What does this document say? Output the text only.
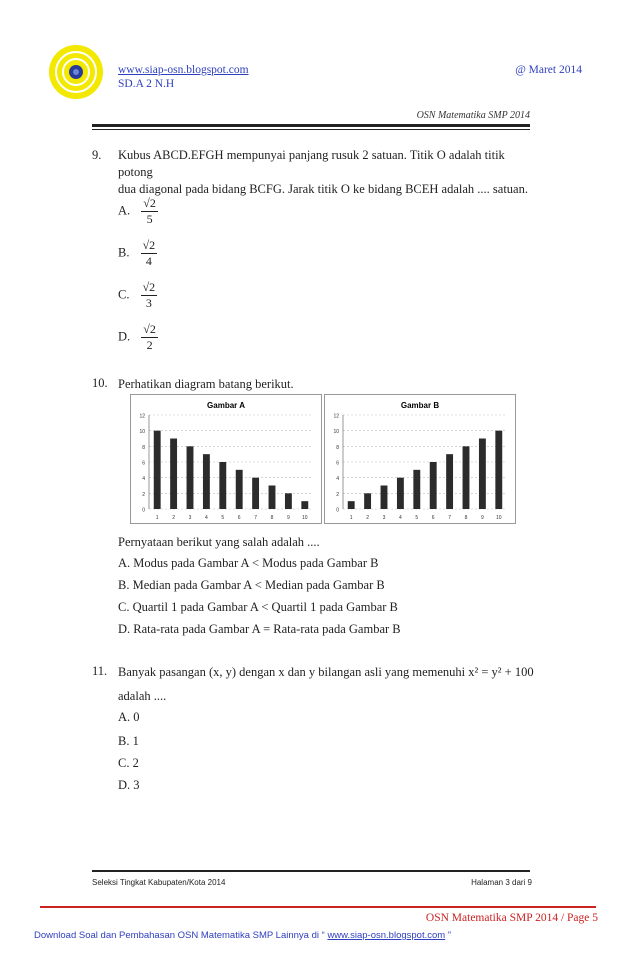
www.siap-osn.blogspot.com
SD.A 2 N.H
@ Maret 2014
OSN Matematika SMP 2014
9. Kubus ABCD.EFGH mempunyai panjang rusuk 2 satuan. Titik O adalah titik potong
dua diagonal pada bidang BCFG. Jarak titik O ke bidang BCEH adalah .... satuan.
A. $\frac{√2}{5}$
B. $\frac{√2}{4}$
C. $\frac{√2}{3}$
D. $\frac{√2}{2}$
10. Perhatikan diagram batang berikut.
Gambar A
0
2
4
6
8
10
12
1	2	3	4	5	6	7	8	9 10
Gambar B
0
2
4
6
8
10
12
1	2	3	4	5	6	7	8	9 10
Pernyataan berikut yang salah adalah ....
A. Modus pada Gambar A < Modus pada Gambar B
B. Median pada Gambar A < Median pada Gambar B
C. Quartil 1 pada Gambar A < Quartil 1 pada Gambar B
D. Rata-rata pada Gambar A = Rata-rata pada Gambar B
11. Banyak pasangan (x, y) dengan x dan y bilangan asli yang memenuhi x² = y² + 100
adalah ....
A. 0
B. 1
C. 2
D. 3
Seleksi Tingkat Kabupaten/Kota 2014	Halaman 3 dari 9
OSN Matematika SMP 2014 / Page 5
Download Soal dan Pembahasan OSN Matematika SMP Lainnya di “ www.siap-osn.blogspot.com ”
